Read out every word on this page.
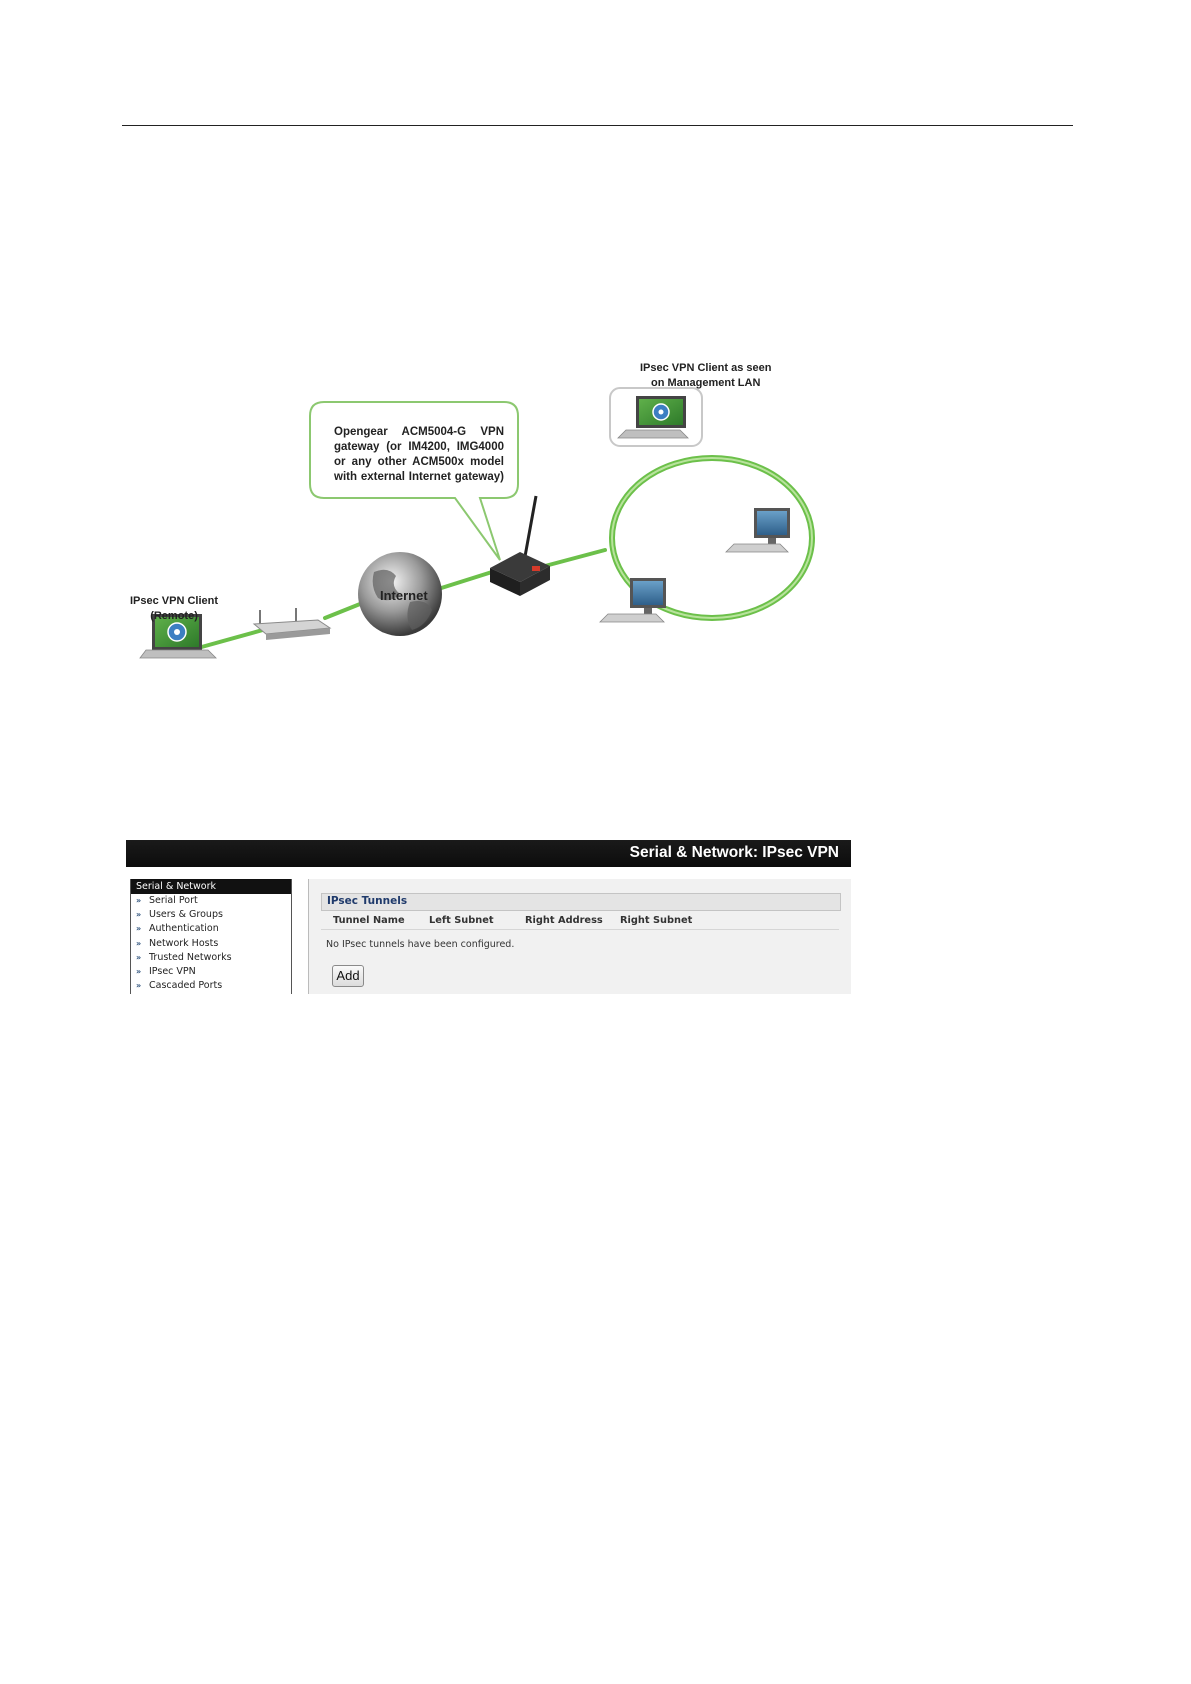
Opengear ACM5004-G VPN
gateway (or IM4200, IMG4000
or any other ACM500x model
with external Internet gateway)
IPsec VPN Client as seen
on Management LAN
IPsec VPN Client
(Remote)
Internet
Serial & Network: IPsec VPN
Serial & Network
» Serial Port
» Users & Groups
» Authentication
» Network Hosts
» Trusted Networks
» IPsec VPN
» Cascaded Ports
IPsec Tunnels
Tunnel Name Left Subnet	Right Address Right Subnet
No IPsec tunnels have been configured.
Add
